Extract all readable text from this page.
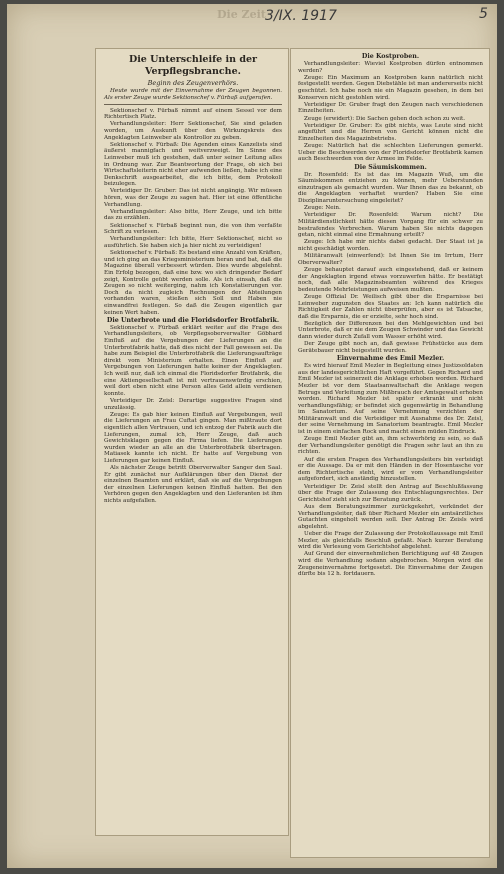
Die Zeit 3/IX. 1917	5
Die Unterschleife in der Verpflegsbranche.

Beginn des Zeugenverhörs.

Heute wurde mit der Einvernahme der Zeugen begonnen. Als erster Zeuge wurde Sektionschef v. Fürbaß aufgerufen.

Sektionschef v. Fürbaß nimmt auf einem Sessel vor dem Richtertisch Platz.

Verhandlungsleiter: Herr Sektionschef, Sie sind geladen worden, um Auskunft über den Wirkungskreis des Angeklagten Leinweber als Kontrollor zu geben.

Sektionschef v. Fürbaß: Die Agenden eines Kanzelists sind äußerst mannigfach und weitverzweigt. Im Sinne des Leinweber muß ich gestehen, daß unter seiner Leitung alles in Ordnung war. Zur Beantwortung der Frage, ob sich bei Wirtschaftsleiterin nicht eher aufwenden ließen, habe ich eine Denkschrift ausgearbeitet, die ich bitte, dem Protokoll beizulegen.

Verteidiger Dr. Gruber: Das ist nicht angängig. Wir müssen hören, was der Zeuge zu sagen hat. Hier ist eine öffentliche Verhandlung.

Verhandlungsleiter: Also bitte, Herr Zeuge, und ich bitte das zu erzählen.

Sektionschef v. Fürbaß beginnt nun, die von ihm verfaßte Schrift zu verlesen.

Verhandlungsleiter: Ich bitte, Herr Sektionschef, nicht so ausführlich. Sie haben sich ja hier nicht zu verteidigen!

Sektionschef v. Fürbaß: Es bestand eine Anzahl von Kräften, und ich ging an das Kriegsministerium heran und bat, daß die Magazine überall verbessert würden. Dies wurde abgelehnt. Ein Erfolg bezogen, daß eine bzw. wo sich dringender Bedarf zeigt, Kontrolle geübt werden solle. Als ich einsah, daß die Zeugen so nicht weiterging, nahm ich Konstatierungen vor. Doch da nicht zugleich Rechnungen der Abteilungen vorhanden waren, stießen sich Soll und Haben nie einwandfrei festlegen. So daß die Zeugen eigentlich gar keinen Wert haben.

Die Unterbrote und die Floridsdorfer Brotfabrik.

Sektionschef v. Fürbaß erklärt weiter auf die Frage des Verhandlungsleiters, ob Verpflegsoberverwalter Göbhard Einfluß auf die Vergebungen der Lieferungen an die Unterbrotfabrik hatte, daß dies nicht der Fall gewesen sei. Da habe zum Beispiel die Unterbrotfabrik die Lieferungsaufträge direkt vom Ministerium erhalten. Einen Einfluß auf Vergebungen von Lieferungen hatte keiner der Angeklagten. Ich weiß nur, daß ich einmal die Floridsdorfer Brotfabrik, die eine Aktiengesellschaft ist mit vertrauenswürdig erschien, weil dort eben nicht eine Person alles Geld allein verdienen konnte.

Verteidiger Dr. Zeisl: Derartige suggestive Fragen sind unzulässig.

Zeuge: Es gab hier keinen Einfluß auf Vergebungen, weil die Lieferungen an Frau Cuftat gingen. Man mißtraute dort eigentlich allen Vertrauen, und ich entzog der Fabrik auch die Lieferungen, zumal ich, Herr Zeuge, daß auch Gewichtsklagen gegen die Firma liefen. Die Lieferungen wurden wieder an alle an die Unterbrotfabrik übertragen. Matiasek kannte ich nicht. Er hatte auf Vergebung von Lieferungen gar keinen Einfluß.

Als nächster Zeuge betritt Oberverwalter Sanger den Saal. Er gibt zunächst nur Aufklärungen über den Dienst der einzelnen Beamten und erklärt, daß sie auf die Vergebungen der einzelnen Lieferungen keinen Einfluß hatten. Bei den Verhören gegen den Angeklagten und den Lieferanten ist ihm nichts aufgefallen.

Die Kostproben.

Verhandlungsleiter: Wieviel Kostproben dürfen entnommen werden?

Zeuge: Ein Maximum an Kostproben kann natürlich nicht festgestellt werden. Gegen Diebstähle ist man andererseits nicht geschützt. Ich habe noch nie ein Magazin gesehen, in dem bei Konserven nicht gestohlen wird.

Verteidiger Dr. Gruber fragt den Zeugen nach verschiedenen Einzelheiten.

Zeuge (erwidert): Die Sachen gehen doch schon zu weit.

Verteidiger Dr. Gruber: Es gibt nichts, was Leute sind nicht angeführt und die Herren von Gericht können nicht die Einzelheiten des Magazinbetriebs.

Zeuge: Natürlich hat die schlechten Lieferungen gemerkt. Ueber die Beschwerden von der Floridsdorfer Brotfabrik kamen auch Beschwerden von der Armee im Felde.

Die Säumiskommen.

Dr. Rosenfeld: Es ist das im Magazin Wuß, um die Säumiskommen entziehen zu können, mehr Ueberstunden einzutragen als gemacht wurden. War Ihnen das zu bekannt, ob die Angeklagten verhaftet wurden? Haben Sie eine Disziplinaruntersuchung eingeleitet?

Zeuge: Nein.

Verteidiger Dr. Rosenfeld: Warum nicht? Die Militärdienstlichkeit hätte diesen Vorgang für ein schwer zu bestrafendes Verbrechen. Warum haben Sie nichts dagegen getan, nicht einmal eine Ermahnung erteilt?

Zeuge: Ich habe mir nichts dabei gedacht. Der Staat ist ja nicht geschädigt worden.

Militäranwalt (einwerfend): Ist Ihnen Sie im Irrtum, Herr Oberverwalter?

Zeuge behauptet darauf auch eingestehend, daß er keinem der Angeklagten irgend etwas vorzuwerfen hätte. Er bestätigt noch, daß alle Magazinsbeamten während des Krieges bedeutende Mehrleistungen aufweisen mußten.

Zeuge Offizial Dr. Weilisch gibt über die Ersparnisse bei Leinweber zugunsten des Staates an: Ich kann natürlich die Richtigkeit der Zahlen nicht überprüfen, aber es ist Tatsache, daß die Ersparnis, die er erzielte, sehr hoch sind.

Bezüglich der Differenzen bei den Mehlgewichten und bei Unterbrote, daß er nie dem Zeugen Schwinder und das Gewicht dann wieder durch Zufall vom Wasser erhöht wird.

Der Zeuge gibt noch an, daß gewisse Frühstücke aus dem Gerätebauer nicht beigestellt wurden.

Einvernahme des Emil Mezler.

Es wird hierauf Emil Mezler in Begleitung eines Justizsoldaten aus der landesgerichtlichen Haft vorgeführt. Gegen Richard und Emil Mezler ist seinerzeit die Anklage erhoben worden. Richard Mezler ist vor dem Staatsanwaltschaft die Anklage wegen Betrugs und Verleitung zum Mißbrauch der Amtsgewalt erhoben worden. Richard Mezler ist später erkrankt und nicht verhandlungsfähig; er befindet sich gegenwärtig in Behandlung im Sanatorium. Auf seine Vernehmung verzichten der Militäranwalt und die Verteidiger mit Ausnahme des Dr. Zeisl, der seine Vernehmung im Sanatorium beantragte. Emil Mezler ist in einem einfachen Rock und macht einen müden Eindruck.

Zeuge Emil Mezler gibt an, ihm schwerhörig zu sein, so daß der Verhandlungsleiter genötigt die Fragen sehr laut an ihn zu richten.

Auf die ersten Fragen des Verhandlungsleiters bin verteidigt er die Aussage. Da er mit den Händen in der Hosentasche vor dem Richtertische steht, wird er vom Verhandlungsleiter aufgefordert, sich anständig hinzustellen.

Verteidiger Dr. Zeisl stellt den Antrag auf Beschlußfassung über die Frage der Zulassung des Entschlagungsrechtes. Der Gerichtshof zieht sich zur Beratung zurück.

Aus dem Beratungszimmer zurückgekehrt, verkündet der Verhandlungsleiter, daß über Richard Mezler ein amtsärztliches Gutachten eingeholt werden soll. Der Antrag Dr. Zeisls wird abgelehnt.

Ueber die Frage der Zulassung der Protokollaussage mit Emil Mezler, als gleichfalls Beschluß gefaßt. Nach kurzer Beratung wird die Verlesung vom Gerichtshof abgelehnt.

Auf Grund der einvernehmlichen Berichtigung auf 48 Zeugen wird die Verhandlung sodann abgebrochen. Morgen wird die Zeugeneinvernahme fortgesetzt. Die Einvernahme der Zeugen dürfte bis 12 h. fortdauern.
